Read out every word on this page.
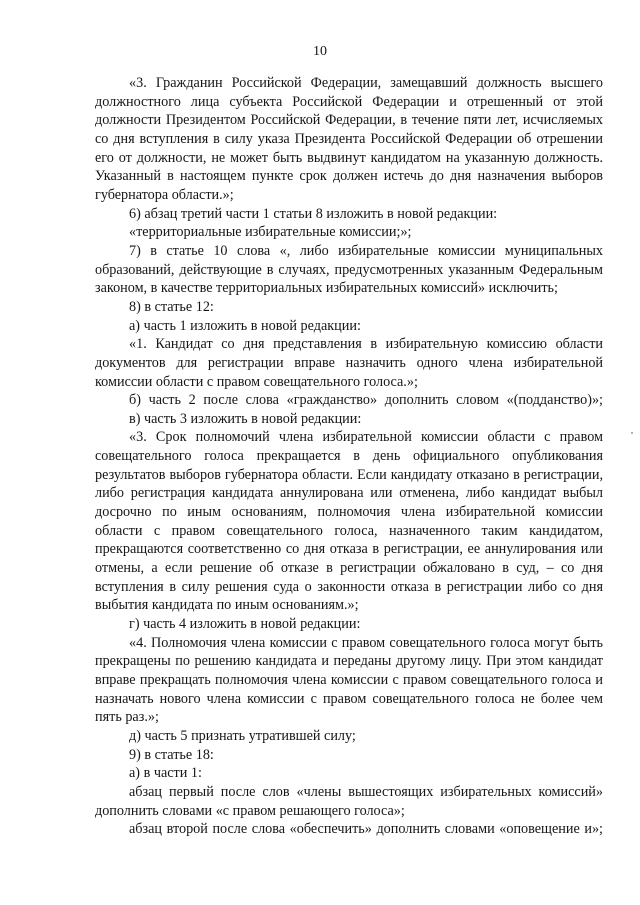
10

«3. Гражданин Российской Федерации, замещавший должность высшего должностного лица субъекта Российской Федерации и отрешенный от этой должности Президентом Российской Федерации, в течение пяти лет, исчисляемых со дня вступления в силу указа Президента Российской Федерации об отрешении его от должности, не может быть выдвинут кандидатом на указанную должность. Указанный в настоящем пункте срок должен истечь до дня назначения выборов губернатора области.»;

6) абзац третий части 1 статьи 8 изложить в новой редакции:

«территориальные избирательные комиссии;»;

7) в статье 10 слова «, либо избирательные комиссии муниципальных образований, действующие в случаях, предусмотренных указанным Федеральным законом, в качестве территориальных избирательных комиссий» исключить;

8) в статье 12:

а) часть 1 изложить в новой редакции:

«1. Кандидат со дня представления в избирательную комиссию области документов для регистрации вправе назначить одного члена избирательной комиссии области с правом совещательного голоса.»;

б) часть 2 после слова «гражданство» дополнить словом «(подданство)»;

в) часть 3 изложить в новой редакции:

«3. Срок полномочий члена избирательной комиссии области с правом совещательного голоса прекращается в день официального опубликования результатов выборов губернатора области. Если кандидату отказано в регистрации, либо регистрация кандидата аннулирована или отменена, либо кандидат выбыл досрочно по иным основаниям, полномочия члена избирательной комиссии области с правом совещательного голоса, назначенного таким кандидатом, прекращаются соответственно со дня отказа в регистрации, ее аннулирования или отмены, а если решение об отказе в регистрации обжаловано в суд, – со дня вступления в силу решения суда о законности отказа в регистрации либо со дня выбытия кандидата по иным основаниям.»;

г) часть 4 изложить в новой редакции:

«4. Полномочия члена комиссии с правом совещательного голоса могут быть прекращены по решению кандидата и переданы другому лицу. При этом кандидат вправе прекращать полномочия члена комиссии с правом совещательного голоса и назначать нового члена комиссии с правом совещательного голоса не более чем пять раз.»;

д) часть 5 признать утратившей силу;

9) в статье 18:

а) в части 1:

абзац первый после слов «члены вышестоящих избирательных комиссий» дополнить словами «с правом решающего голоса»;

абзац второй после слова «обеспечить» дополнить словами «оповещение и»;
